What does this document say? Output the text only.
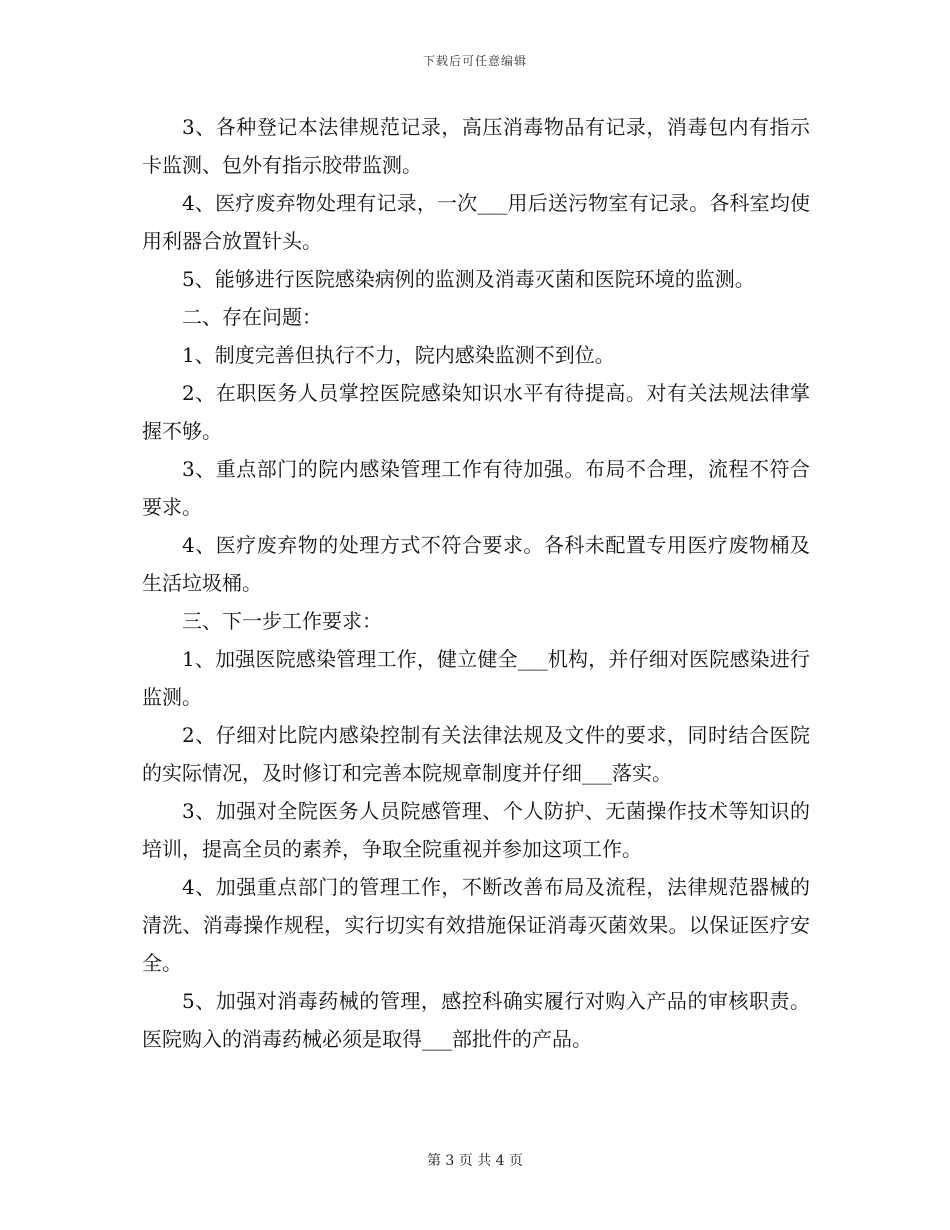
下载后可任意编辑

3、各种登记本法律规范记录，高压消毒物品有记录，消毒包内有指示卡监测、包外有指示胶带监测。

4、医疗废弃物处理有记录，一次___用后送污物室有记录。各科室均使用利器合放置针头。

5、能够进行医院感染病例的监测及消毒灭菌和医院环境的监测。

二、存在问题：

1、制度完善但执行不力，院内感染监测不到位。

2、在职医务人员掌控医院感染知识水平有待提高。对有关法规法律掌握不够。

3、重点部门的院内感染管理工作有待加强。布局不合理，流程不符合要求。

4、医疗废弃物的处理方式不符合要求。各科未配置专用医疗废物桶及生活垃圾桶。

三、下一步工作要求：

1、加强医院感染管理工作，健立健全___机构，并仔细对医院感染进行监测。

2、仔细对比院内感染控制有关法律法规及文件的要求，同时结合医院的实际情况，及时修订和完善本院规章制度并仔细___落实。

3、加强对全院医务人员院感管理、个人防护、无菌操作技术等知识的培训，提高全员的素养，争取全院重视并参加这项工作。

4、加强重点部门的管理工作，不断改善布局及流程，法律规范器械的清洗、消毒操作规程，实行切实有效措施保证消毒灭菌效果。以保证医疗安全。

5、加强对消毒药械的管理，感控科确实履行对购入产品的审核职责。医院购入的消毒药械必须是取得___部批件的产品。

第 3 页 共 4 页
